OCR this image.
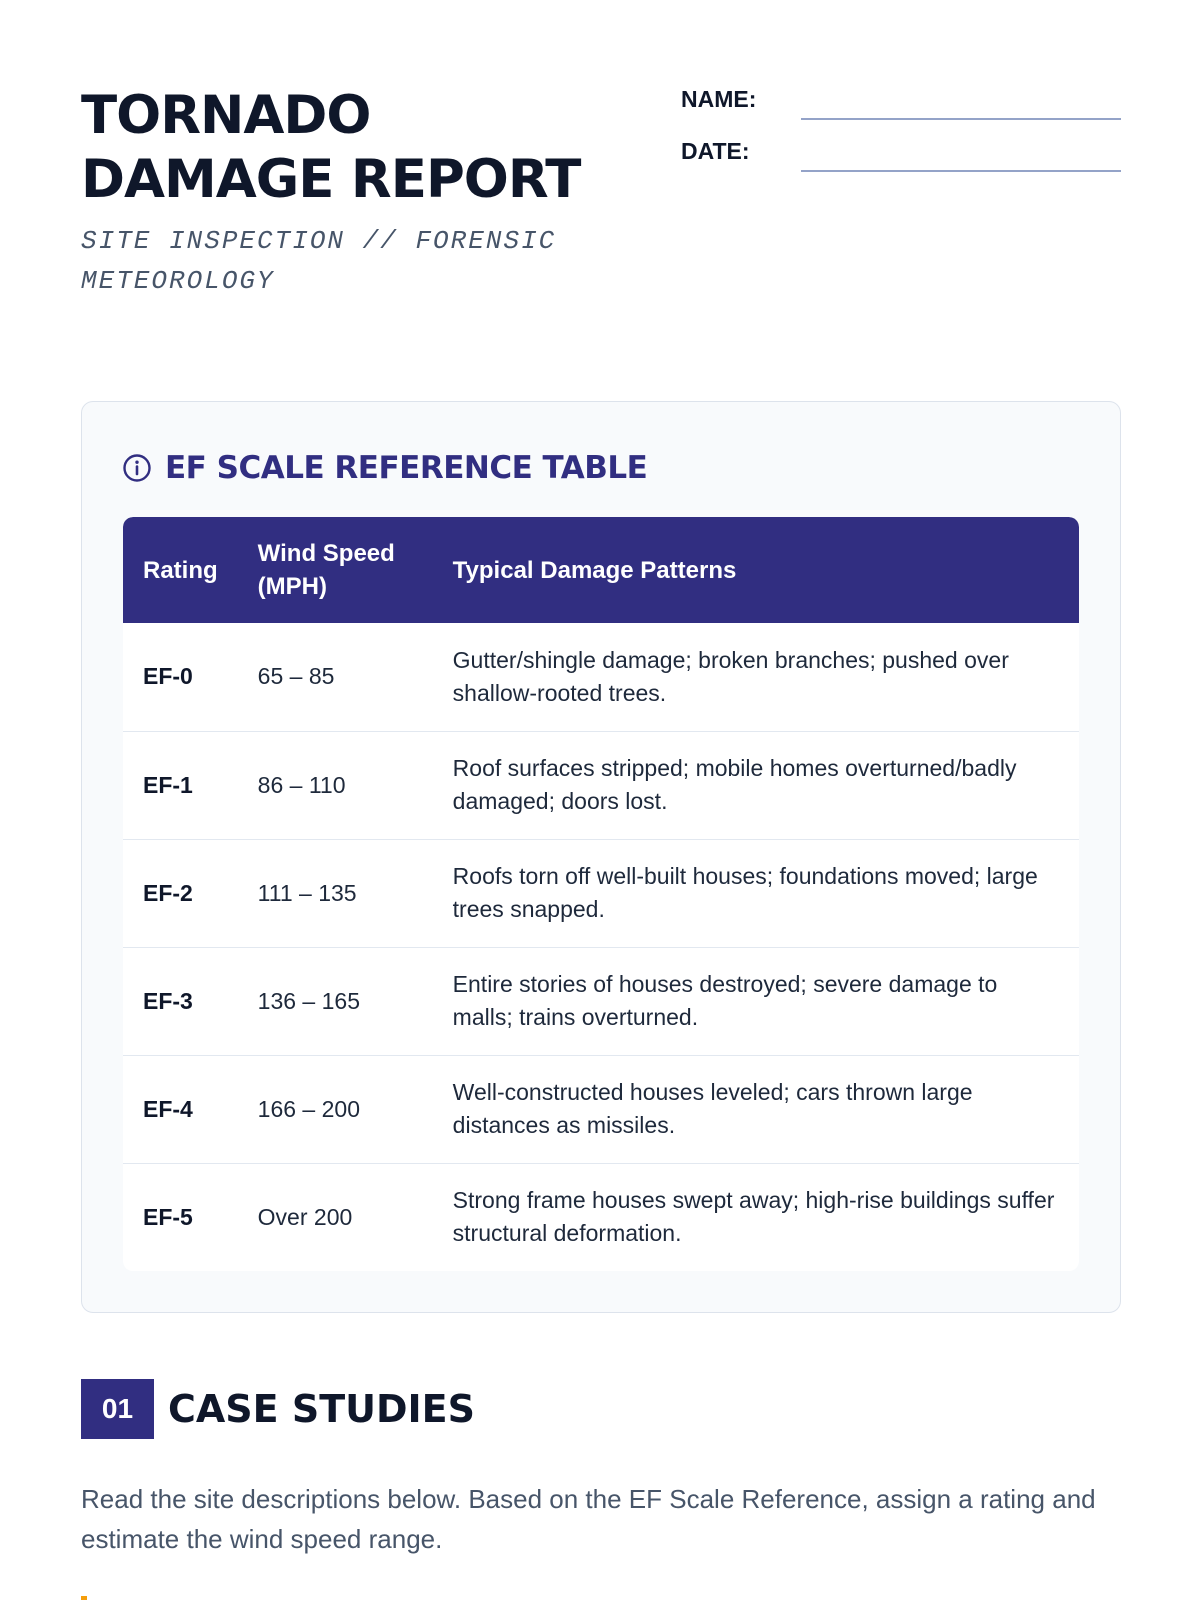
TORNADO
DAMAGE REPORT
SITE INSPECTION // FORENSIC METEOROLOGY
NAME:
DATE:
EF SCALE REFERENCE TABLE
Rating	Wind Speed (MPH)	Typical Damage Patterns
EF-0	65 – 85	Gutter/shingle damage; broken branches; pushed over shallow-rooted trees.
EF-1	86 – 110	Roof surfaces stripped; mobile homes overturned/badly damaged; doors lost.
EF-2	111 – 135	Roofs torn off well-built houses; foundations moved; large trees snapped.
EF-3	136 – 165	Entire stories of houses destroyed; severe damage to malls; trains overturned.
EF-4	166 – 200	Well-constructed houses leveled; cars thrown large distances as missiles.
EF-5	Over 200	Strong frame houses swept away; high-rise buildings suffer structural deformation.
01 CASE STUDIES

Read the site descriptions below. Based on the EF Scale Reference, assign a rating and estimate the wind speed range.
